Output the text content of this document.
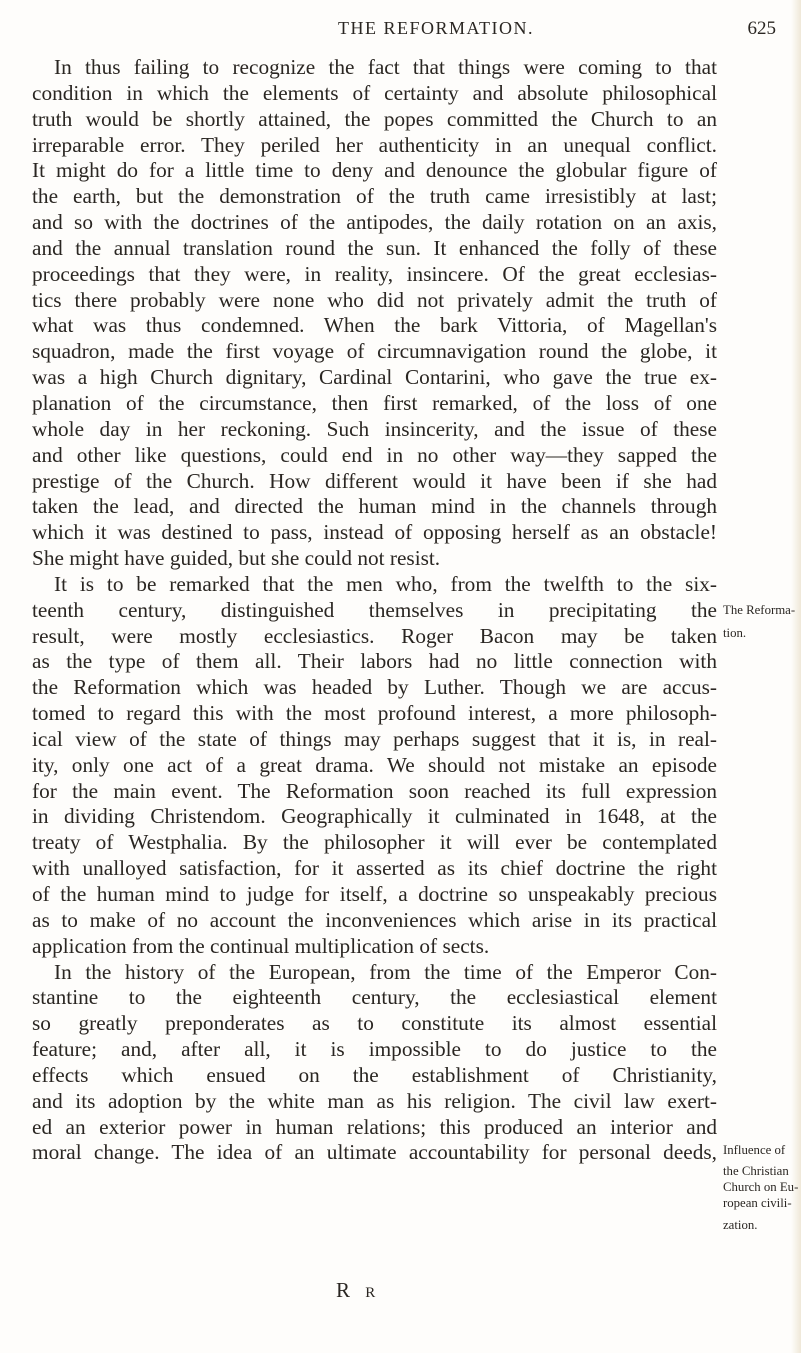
THE REFORMATION.	625
In thus failing to recognize the fact that things were coming to that
condition in which the elements of certainty and absolute philosophical
truth would be shortly attained, the popes committed the Church to an
irreparable error. They periled her authenticity in an unequal conflict.
It might do for a little time to deny and denounce the globular figure of
the earth, but the demonstration of the truth came irresistibly at last;
and so with the doctrines of the antipodes, the daily rotation on an axis,
and the annual translation round the sun. It enhanced the folly of these
proceedings that they were, in reality, insincere. Of the great ecclesias-
tics there probably were none who did not privately admit the truth of
what was thus condemned. When the bark Vittoria, of Magellan's
squadron, made the first voyage of circumnavigation round the globe, it
was a high Church dignitary, Cardinal Contarini, who gave the true ex-
planation of the circumstance, then first remarked, of the loss of one
whole day in her reckoning. Such insincerity, and the issue of these
and other like questions, could end in no other way—they sapped the
prestige of the Church. How different would it have been if she had
taken the lead, and directed the human mind in the channels through
which it was destined to pass, instead of opposing herself as an obstacle!
She might have guided, but she could not resist.
It is to be remarked that the men who, from the twelfth to the six-
teenth century, distinguished themselves in precipitating the
result, were mostly ecclesiastics. Roger Bacon may be taken
as the type of them all. Their labors had no little connection with
the Reformation which was headed by Luther. Though we are accus-
tomed to regard this with the most profound interest, a more philosoph-
ical view of the state of things may perhaps suggest that it is, in real-
ity, only one act of a great drama. We should not mistake an episode
for the main event. The Reformation soon reached its full expression
in dividing Christendom. Geographically it culminated in 1648, at the
treaty of Westphalia. By the philosopher it will ever be contemplated
with unalloyed satisfaction, for it asserted as its chief doctrine the right
of the human mind to judge for itself, a doctrine so unspeakably precious
as to make of no account the inconveniences which arise in its practical
application from the continual multiplication of sects.
In the history of the European, from the time of the Emperor Con-
stantine to the eighteenth century, the ecclesiastical element
so greatly preponderates as to constitute its almost essential
feature; and, after all, it is impossible to do justice to the
effects which ensued on the establishment of Christianity,
and its adoption by the white man as his religion. The civil law exert-
ed an exterior power in human relations; this produced an interior and
moral change. The idea of an ultimate accountability for personal deeds,
The Reforma-
tion.
Influence of
the Christian
Church on Eu-
ropean civili-
zation.
R r
